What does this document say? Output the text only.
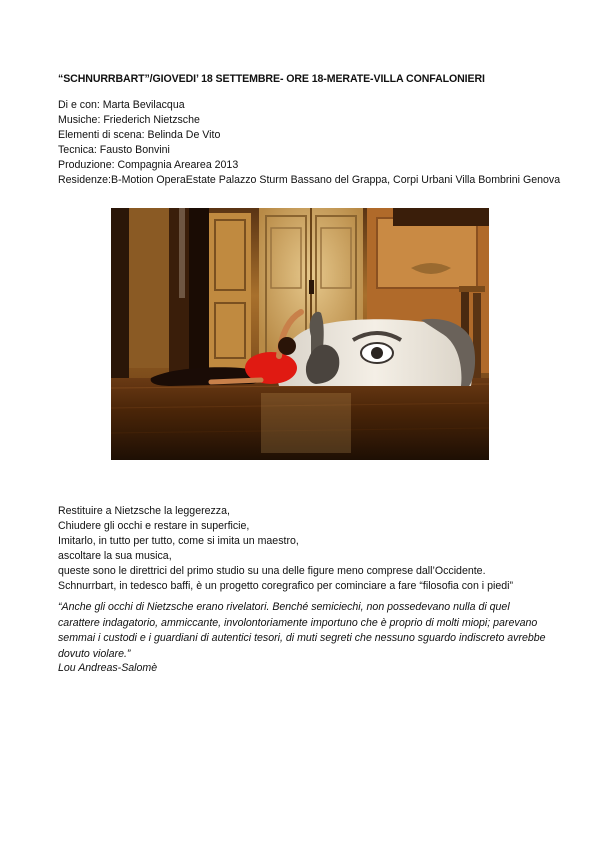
“SCHNURRBART”/GIOVEDI’ 18 SETTEMBRE- ORE 18-MERATE-VILLA CONFALONIERI
Di e con: Marta Bevilacqua
Musiche: Friederich Nietzsche
Elementi di scena: Belinda De Vito
Tecnica: Fausto Bonvini
Produzione: Compagnia Arearea 2013
Residenze:B-Motion OperaEstate Palazzo Sturm Bassano del Grappa, Corpi Urbani Villa Bombrini Genova
Restituire a Nietzsche la leggerezza,
Chiudere gli occhi e restare in superficie,
Imitarlo, in tutto per tutto, come si imita un maestro,
ascoltare la sua musica,
queste sono le direttrici del primo studio su una delle figure meno comprese dall’Occidente.
Schnurrbart, in tedesco baffi, è un progetto coregrafico per cominciare a fare “filosofia con i piedi”
“Anche gli occhi di Nietzsche erano rivelatori. Benché semiciechi, non possedevano nulla di quel carattere indagatorio, ammiccante, involontoriamente importuno che è proprio di molti miopi; parevano semmai i custodi e i guardiani di autentici tesori, di muti segreti che nessuno sguardo indiscreto avrebbe dovuto violare.”
Lou Andreas-Salomè
